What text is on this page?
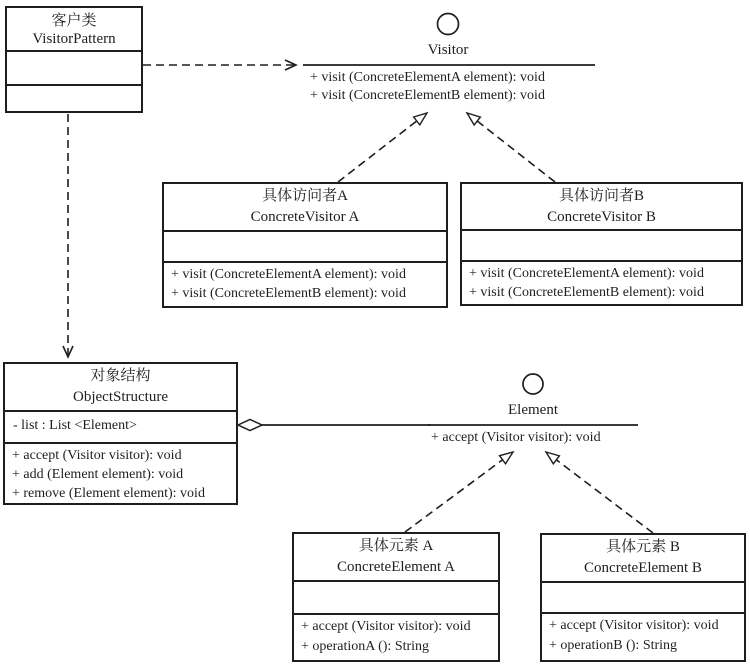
客户类
VisitorPattern
Visitor
+ visit (ConcreteElementA element): void
+ visit (ConcreteElementB element): void
具体访问者A
ConcreteVisitor A
+ visit (ConcreteElementA element): void
+ visit (ConcreteElementB element): void
具体访问者B
ConcreteVisitor B
+ visit (ConcreteElementA element): void
+ visit (ConcreteElementB element): void
对象结构
ObjectStructure
- list : List <Element>
+ accept (Visitor visitor): void
+ add (Element element): void
+ remove (Element element): void
Element
+ accept (Visitor visitor): void
具体元素 A
ConcreteElement A
+ accept (Visitor visitor): void
+ operationA (): String
具体元素 B
ConcreteElement B
+ accept (Visitor visitor): void
+ operationB (): String
